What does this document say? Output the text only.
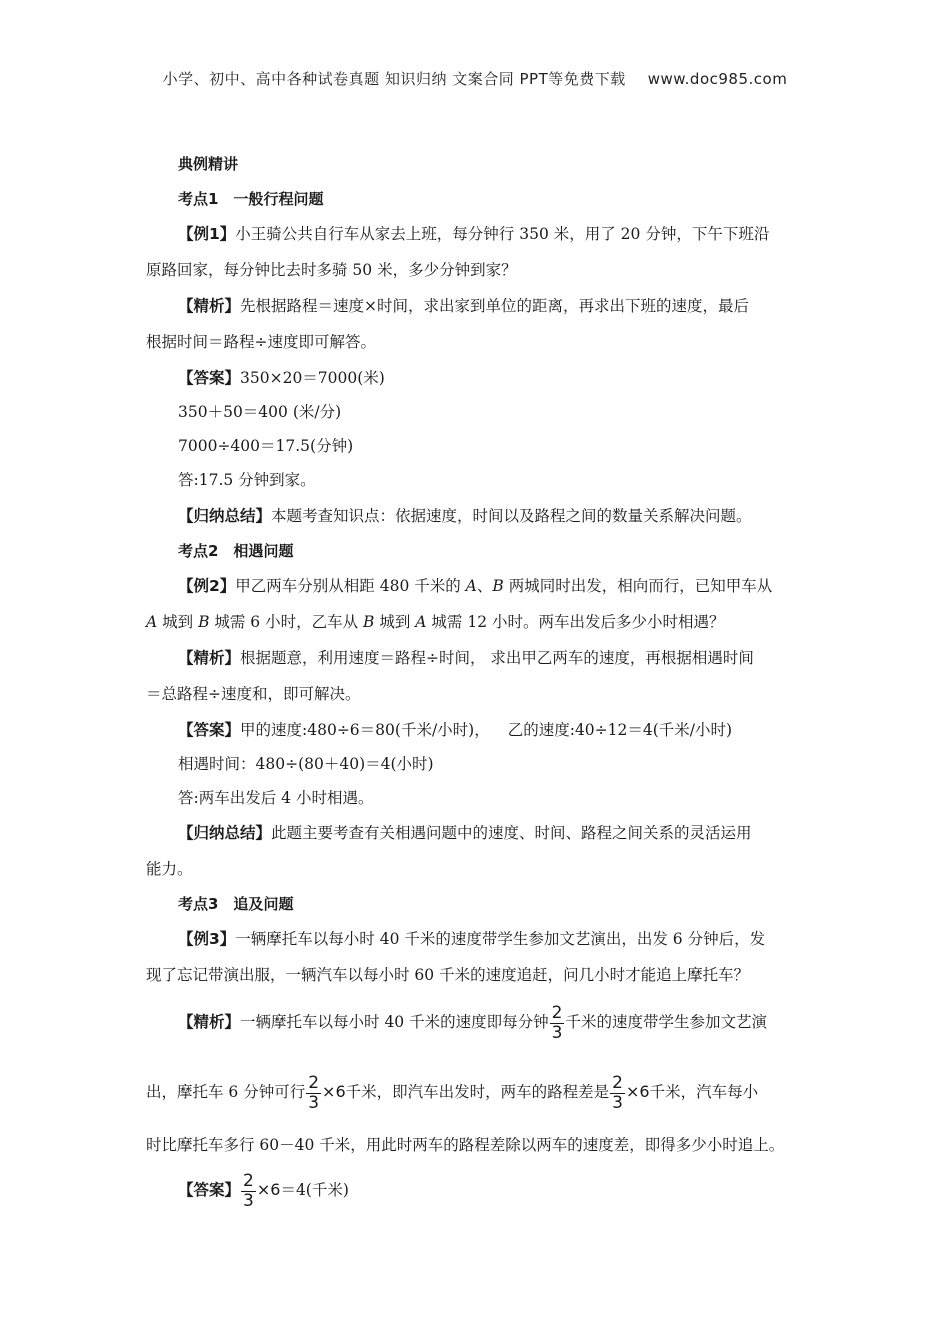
小学、初中、高中各种试卷真题 知识归纳 文案合同 PPT等免费下载 www.doc985.com
典例精讲
考点1　一般行程问题
【例1】小王骑公共自行车从家去上班，每分钟行 350 米，用了 20 分钟，下午下班沿
原路回家，每分钟比去时多骑 50 米，多少分钟到家？
【精析】先根据路程＝速度×时间，求出家到单位的距离，再求出下班的速度，最后
根据时间＝路程÷速度即可解答。
【答案】350×20＝7000(米)
350＋50＝400 (米/分)
7000÷400＝17.5(分钟)
答:17.5 分钟到家。
【归纳总结】本题考查知识点：依据速度，时间以及路程之间的数量关系解决问题。
考点2　相遇问题
【例2】甲乙两车分别从相距 480 千米的 A、B 两城同时出发，相向而行，已知甲车从
A 城到 B 城需 6 小时，乙车从 B 城到 A 城需 12 小时。两车出发后多少小时相遇？
【精析】根据题意，利用速度＝路程÷时间， 求出甲乙两车的速度，再根据相遇时间
＝总路程÷速度和，即可解决。
【答案】甲的速度:480÷6＝80(千米/小时)， 乙的速度:40÷12＝4(千米/小时)
相遇时间：480÷(80＋40)＝4(小时)
答:两车出发后 4 小时相遇。
【归纳总结】此题主要考查有关相遇问题中的速度、时间、路程之间关系的灵活运用
能力。
考点3　追及问题
【例3】一辆摩托车以每小时 40 千米的速度带学生参加文艺演出，出发 6 分钟后，发
现了忘记带演出服，一辆汽车以每小时 60 千米的速度追赶，问几小时才能追上摩托车？
【精析】一辆摩托车以每小时 40 千米的速度即每分钟 $\frac{2}{3}$ 千米的速度带学生参加文艺演
出，摩托车 6 分钟可行 $\frac{2}{3} \times 6$千米，即汽车出发时，两车的路程差是 $\frac{2}{3} \times 6$千米，汽车每小
时比摩托车多行 60－40 千米，用此时两车的路程差除以两车的速度差，即得多少小时追上。
【答案】 $\frac{2}{3} \times 6=4$(千米)
